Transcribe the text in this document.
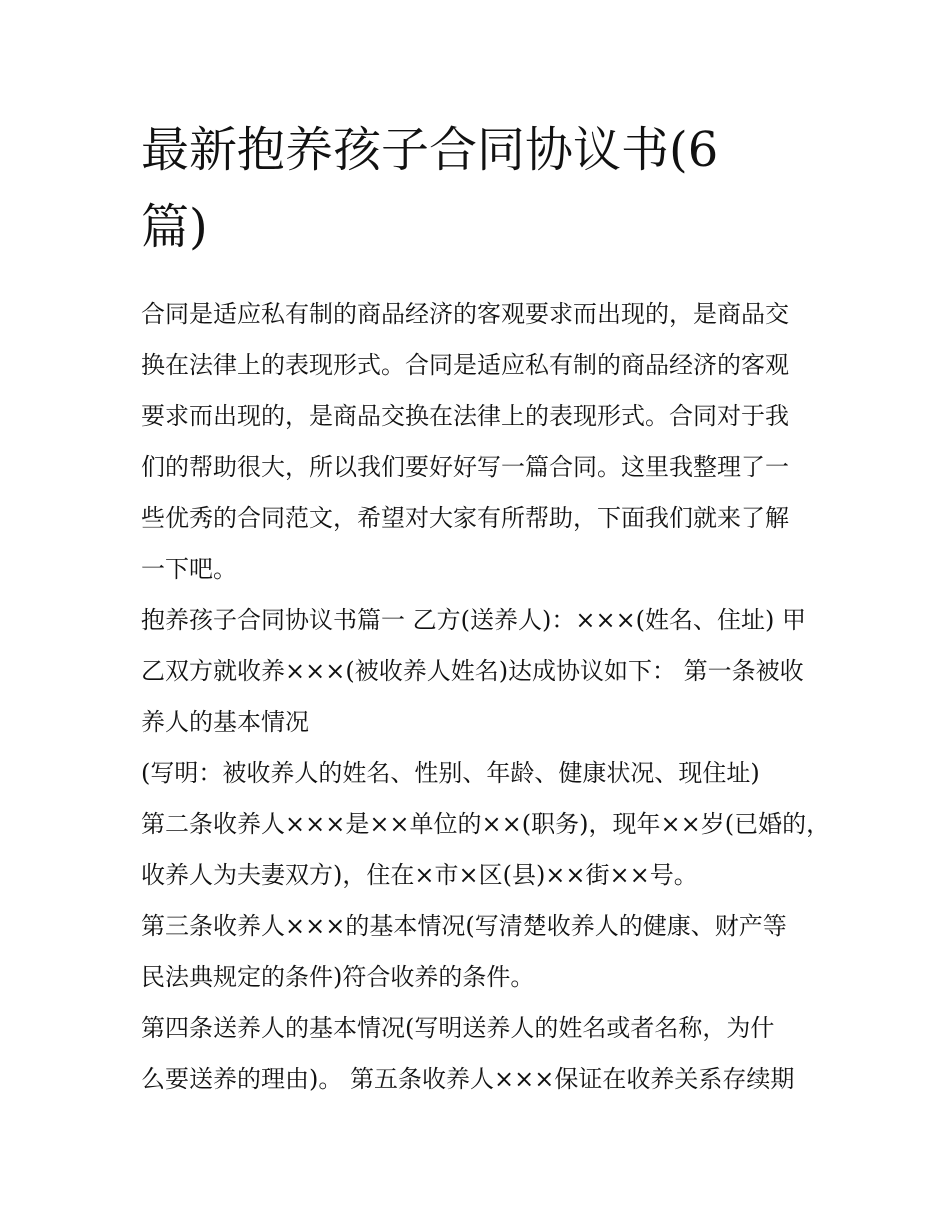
最新抱养孩子合同协议书(6
篇)

合同是适应私有制的商品经济的客观要求而出现的，是商品交
换在法律上的表现形式。合同是适应私有制的商品经济的客观
要求而出现的，是商品交换在法律上的表现形式。合同对于我
们的帮助很大，所以我们要好好写一篇合同。这里我整理了一
些优秀的合同范文，希望对大家有所帮助，下面我们就来了解
一下吧。

抱养孩子合同协议书篇一 乙方(送养人)：×××(姓名、住址) 甲
乙双方就收养×××(被收养人姓名)达成协议如下： 第一条被收
养人的基本情况

(写明：被收养人的姓名、性别、年龄、健康状况、现住址)

第二条收养人×××是××单位的××(职务)，现年××岁(已婚的，
收养人为夫妻双方)，住在×市×区(县)××街××号。

第三条收养人×××的基本情况(写清楚收养人的健康、财产等
民法典规定的条件)符合收养的条件。

第四条送养人的基本情况(写明送养人的姓名或者名称，为什
么要送养的理由)。 第五条收养人×××保证在收养关系存续期
